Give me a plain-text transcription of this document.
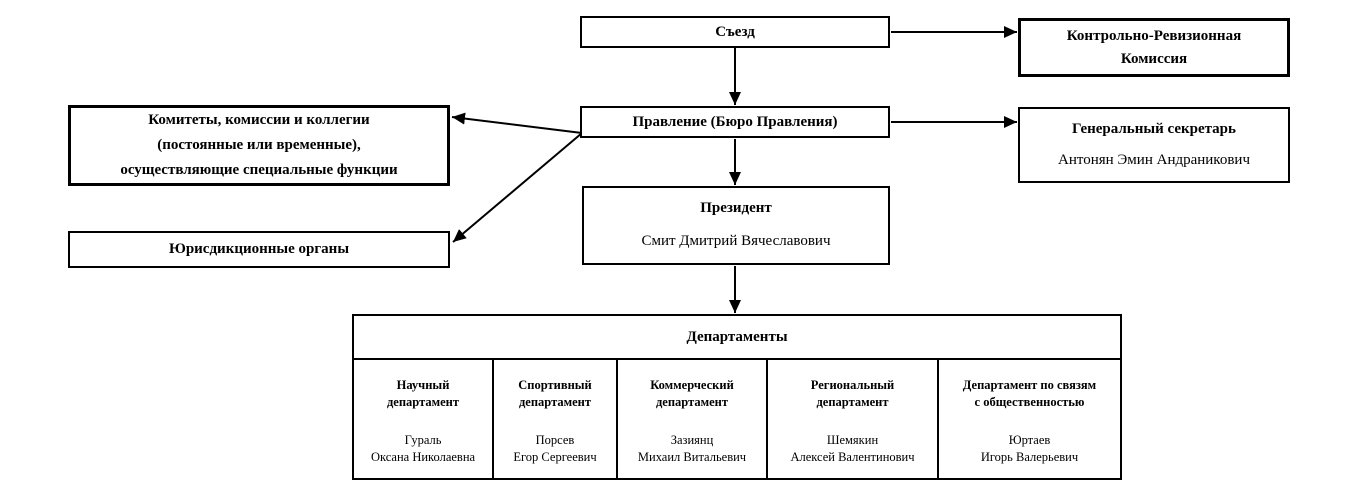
Съезд	Контрольно-Ревизионная
Комиссия
Правление (Бюро Правления)
Комитеты, комиссии и коллегии
(постоянные или временные),
осуществляющие специальные функции
Генеральный секретарь
Антонян Эмин Андраникович
Президент
Смит Дмитрий Вячеславович
Юрисдикционные органы
Департаменты
Научный
департамент
Гураль
Оксана Николаевна
Спортивный
департамент
Порсев
Егор Сергеевич
Коммерческий
департамент
Зазиянц
Михаил Витальевич
Региональный
департамент
Шемякин
Алексей Валентинович
Департамент по связям
с общественностью
Юртаев
Игорь Валерьевич
